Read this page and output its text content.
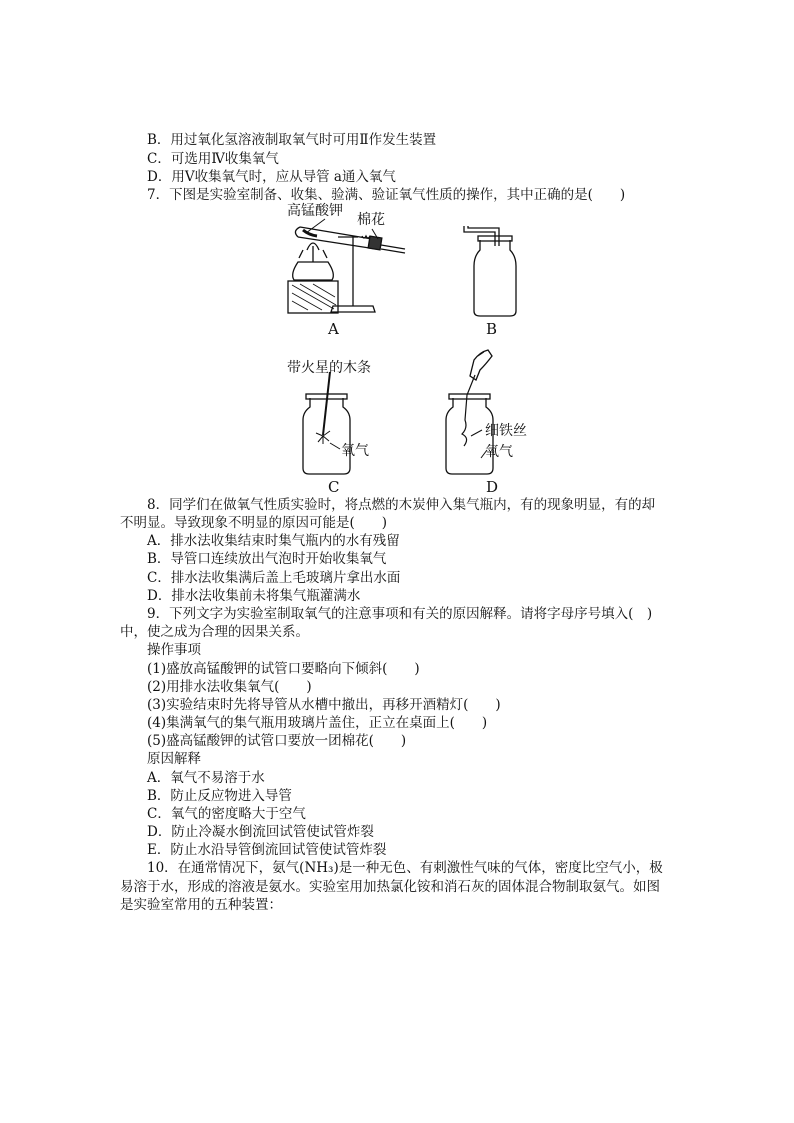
B．用过氧化氢溶液制取氧气时可用Ⅱ作发生装置
C．可选用Ⅳ收集氧气
D．用Ⅴ收集氧气时，应从导管 a通入氧气
7．下图是实验室制备、收集、验满、验证氧气性质的操作，其中正确的是(　　)
高锰酸钾
棉花
A	B
带火星的木条
氧气
细铁丝
氧气
C	D
8．同学们在做氧气性质实验时，将点燃的木炭伸入集气瓶内，有的现象明显，有的却
不明显。导致现象不明显的原因可能是(　　)
A．排水法收集结束时集气瓶内的水有残留
B．导管口连续放出气泡时开始收集氧气
C．排水法收集满后盖上毛玻璃片拿出水面
D．排水法收集前未将集气瓶灌满水
9．下列文字为实验室制取氧气的注意事项和有关的原因解释。请将字母序号填入(　)
中，使之成为合理的因果关系。
操作事项
(1)盛放高锰酸钾的试管口要略向下倾斜(　　)
(2)用排水法收集氧气(　　)
(3)实验结束时先将导管从水槽中撤出，再移开酒精灯(　　)
(4)集满氧气的集气瓶用玻璃片盖住，正立在桌面上(　　)
(5)盛高锰酸钾的试管口要放一团棉花(　　)
原因解释
A．氧气不易溶于水
B．防止反应物进入导管
C．氧气的密度略大于空气
D．防止冷凝水倒流回试管使试管炸裂
E．防止水沿导管倒流回试管使试管炸裂
10．在通常情况下，氨气(NH₃)是一种无色、有刺激性气味的气体，密度比空气小，极
易溶于水，形成的溶液是氨水。实验室用加热氯化铵和消石灰的固体混合物制取氨气。如图
是实验室常用的五种装置：
